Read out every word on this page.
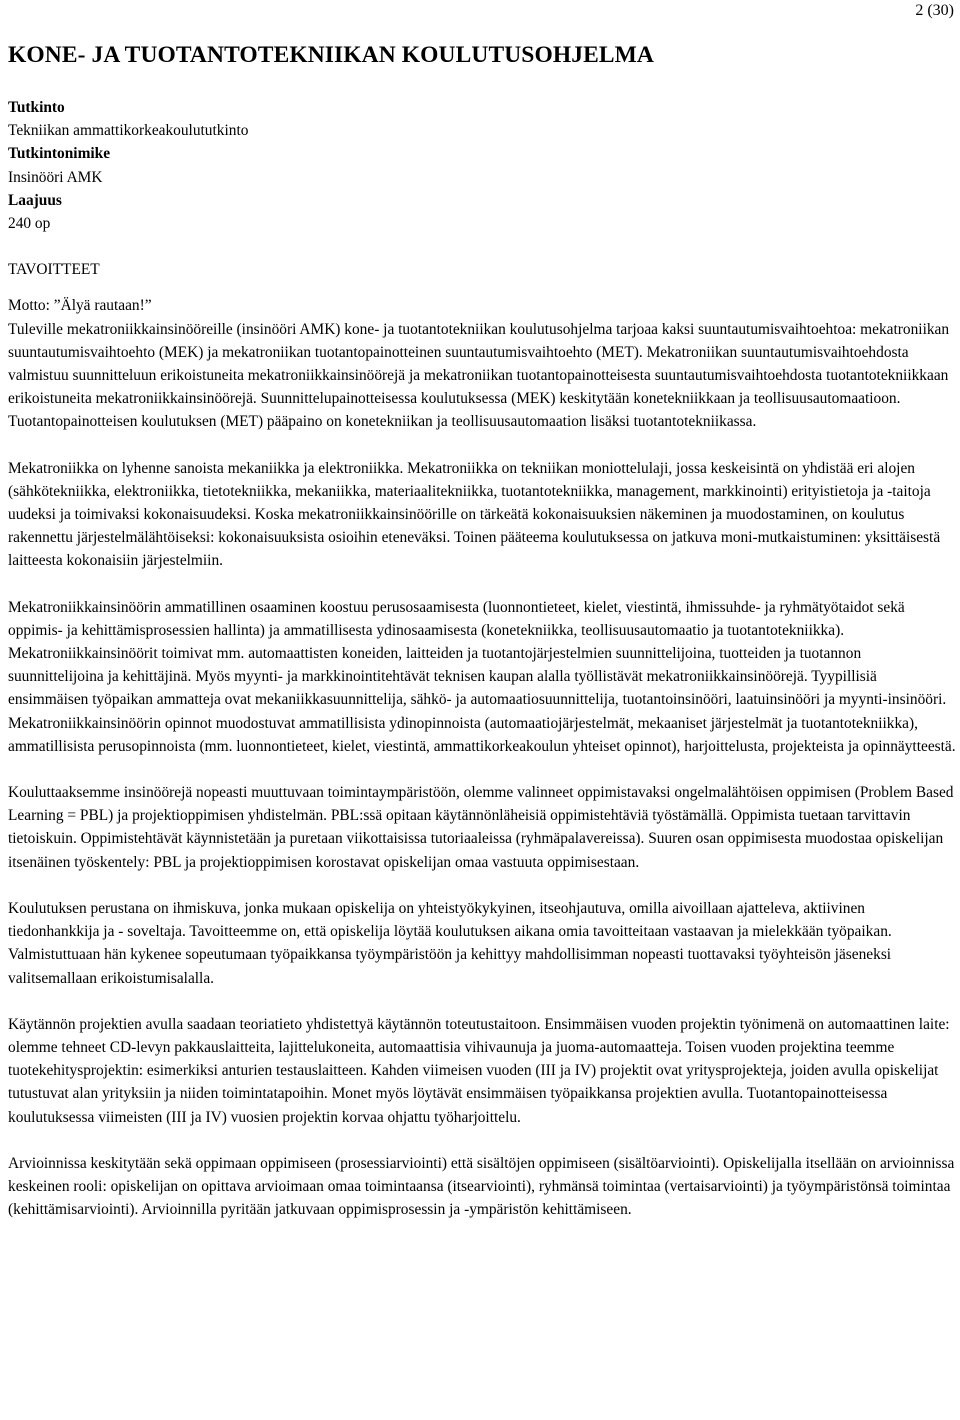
2 (30)
KONE- JA TUOTANTOTEKNIIKAN KOULUTUSOHJELMA
Tutkinto
Tekniikan ammattikorkeakoulututkinto
Tutkintonimike
Insinööri AMK
Laajuus
240 op
TAVOITTEET
Motto: ”Älyä rautaan!”

Tuleville mekatroniikkainsinööreille (insinööri AMK) kone- ja tuotantotekniikan koulutusohjelma tarjoaa kaksi suuntautumisvaihtoehtoa: mekatroniikan suuntautumisvaihtoehto (MEK) ja mekatroniikan tuotantopainotteinen suuntautumisvaihtoehto (MET). Mekatroniikan suuntautumisvaihtoehdosta valmistuu suunnitteluun erikoistuneita mekatroniikkainsinöörejä ja mekatroniikan tuotantopainotteisesta suuntautumisvaihtoehdosta tuotantotekniikkaan erikoistuneita mekatroniikkainsinöörejä. Suunnittelupainotteisessa koulutuksessa (MEK) keskitytään konetekniikkaan ja teollisuusautomaatioon. Tuotantopainotteisen koulutuksen (MET) pääpaino on konetekniikan ja teollisuusautomaation lisäksi tuotantotekniikassa.

Mekatroniikka on lyhenne sanoista mekaniikka ja elektroniikka. Mekatroniikka on tekniikan moniottelulaji, jossa keskeisintä on yhdistää eri alojen (sähkötekniikka, elektroniikka, tietotekniikka, mekaniikka, materiaalitekniikka, tuotantotekniikka, management, markkinointi) erityistietoja ja -taitoja uudeksi ja toimivaksi kokonaisuudeksi. Koska mekatroniikkainsinöörille on tärkeätä kokonaisuuksien näkeminen ja muodostaminen, on koulutus rakennettu järjestelmälähtöiseksi: kokonaisuuksista osioihin eteneväksi. Toinen pääteema koulutuksessa on jatkuva moni-mutkaistuminen: yksittäisestä laitteesta kokonaisiin järjestelmiin.

Mekatroniikkainsinöörin ammatillinen osaaminen koostuu perusosaamisesta (luonnontieteet, kielet, viestintä, ihmissuhde- ja ryhmätyötaidot sekä oppimis- ja kehittämisprosessien hallinta) ja ammatillisesta ydinosaamisesta (konetekniikka, teollisuusautomaatio ja tuotantotekniikka). Mekatroniikkainsinöörit toimivat mm. automaattisten koneiden, laitteiden ja tuotantojärjestelmien suunnittelijoina, tuotteiden ja tuotannon suunnittelijoina ja kehittäjinä. Myös myynti- ja markkinointitehtävät teknisen kaupan alalla työllistävät mekatroniikkainsinöörejä. Tyypillisiä ensimmäisen työpaikan ammatteja ovat mekaniikkasuunnittelija, sähkö- ja automaatiosuunnittelija, tuotantoinsinööri, laatuinsinööri ja myynti-insinööri. Mekatroniikkainsinöörin opinnot muodostuvat ammatillisista ydinopinnoista (automaatiojärjestelmät, mekaaniset järjestelmät ja tuotantotekniikka), ammatillisista perusopinnoista (mm. luonnontieteet, kielet, viestintä, ammattikorkeakoulun yhteiset opinnot), harjoittelusta, projekteista ja opinnäytteestä.

Kouluttaaksemme insinöörejä nopeasti muuttuvaan toimintaympäristöön, olemme valinneet oppimistavaksi ongelmalähtöisen oppimisen (Problem Based Learning = PBL) ja projektioppimisen yhdistelmän. PBL:ssä opitaan käytännönläheisiä oppimistehtäviä työstämällä. Oppimista tuetaan tarvittavin tietoiskuin. Oppimistehtävät käynnistetään ja puretaan viikottaisissa tutoriaaleissa (ryhmäpalavereissa). Suuren osan oppimisesta muodostaa opiskelijan itsenäinen työskentely: PBL ja projektioppimisen korostavat opiskelijan omaa vastuuta oppimisestaan.

Koulutuksen perustana on ihmiskuva, jonka mukaan opiskelija on yhteistyökykyinen, itseohjautuva, omilla aivoillaan ajatteleva, aktiivinen tiedonhankkija ja - soveltaja. Tavoitteemme on, että opiskelija löytää koulutuksen aikana omia tavoitteitaan vastaavan ja mielekkään työpaikan. Valmistuttuaan hän kykenee sopeutumaan työpaikkansa työympäristöön ja kehittyy mahdollisimman nopeasti tuottavaksi työyhteisön jäseneksi valitsemallaan erikoistumisalalla.

Käytännön projektien avulla saadaan teoriatieto yhdistettyä käytännön toteutustaitoon. Ensimmäisen vuoden projektin työnimenä on automaattinen laite: olemme tehneet CD-levyn pakkauslaitteita, lajittelukoneita, automaattisia vihivaunuja ja juoma-automaatteja. Toisen vuoden projektina teemme tuotekehitysprojektin: esimerkiksi anturien testauslaitteen. Kahden viimeisen vuoden (III ja IV) projektit ovat yritysprojekteja, joiden avulla opiskelijat tutustuvat alan yrityksiin ja niiden toimintatapoihin. Monet myös löytävät ensimmäisen työpaikkansa projektien avulla. Tuotantopainotteisessa koulutuksessa viimeisten (III ja IV) vuosien projektin korvaa ohjattu työharjoittelu.

Arvioinnissa keskitytään sekä oppimaan oppimiseen (prosessiarviointi) että sisältöjen oppimiseen (sisältöarviointi). Opiskelijalla itsellään on arvioinnissa keskeinen rooli: opiskelijan on opittava arvioimaan omaa toimintaansa (itsearviointi), ryhmänsä toimintaa (vertaisarviointi) ja työympäristönsä toimintaa (kehittämisarviointi). Arvioinnilla pyritään jatkuvaan oppimisprosessin ja -ympäristön kehittämiseen.
